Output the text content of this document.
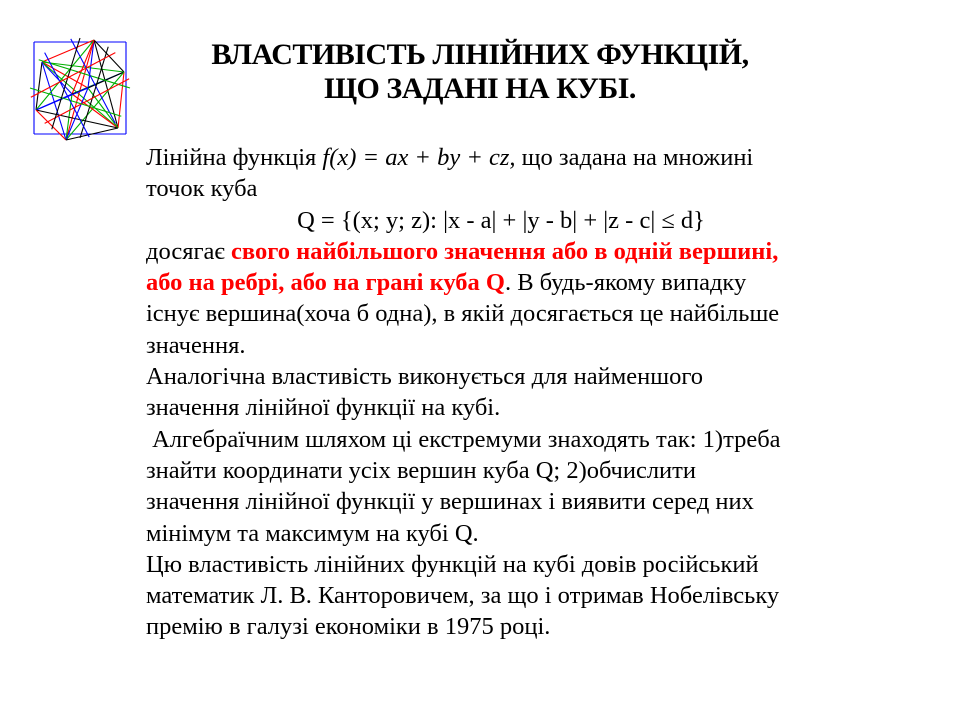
ВЛАСТИВІСТЬ ЛІНІЙНИХ ФУНКЦІЙ,
ЩО ЗАДАНІ НА КУБІ.
Лінійна функція f(x) = ax + by + cz, що задана на множині
точок куба
Q = {(x; y; z): |x - a| + |y - b| + |z - c| ≤ d}
досягає свого найбільшого значення або в одній вершині,
або на ребрі, або на грані куба Q. В будь-якому випадку
існує вершина(хоча б одна), в якій досягається це найбільше
значення.
Аналогічна властивість виконується для найменшого
значення лінійної функції на кубі.
Алгебраїчним шляхом ці екстремуми знаходять так: 1)треба
знайти координати усіх вершин куба Q; 2)обчислити
значення лінійної функції у вершинах і виявити серед них
мінімум та максимум на кубі Q.
Цю властивість лінійних функцій на кубі довів російський
математик Л. В. Канторовичем, за що і отримав Нобелівську
премію в галузі економіки в 1975 році.
